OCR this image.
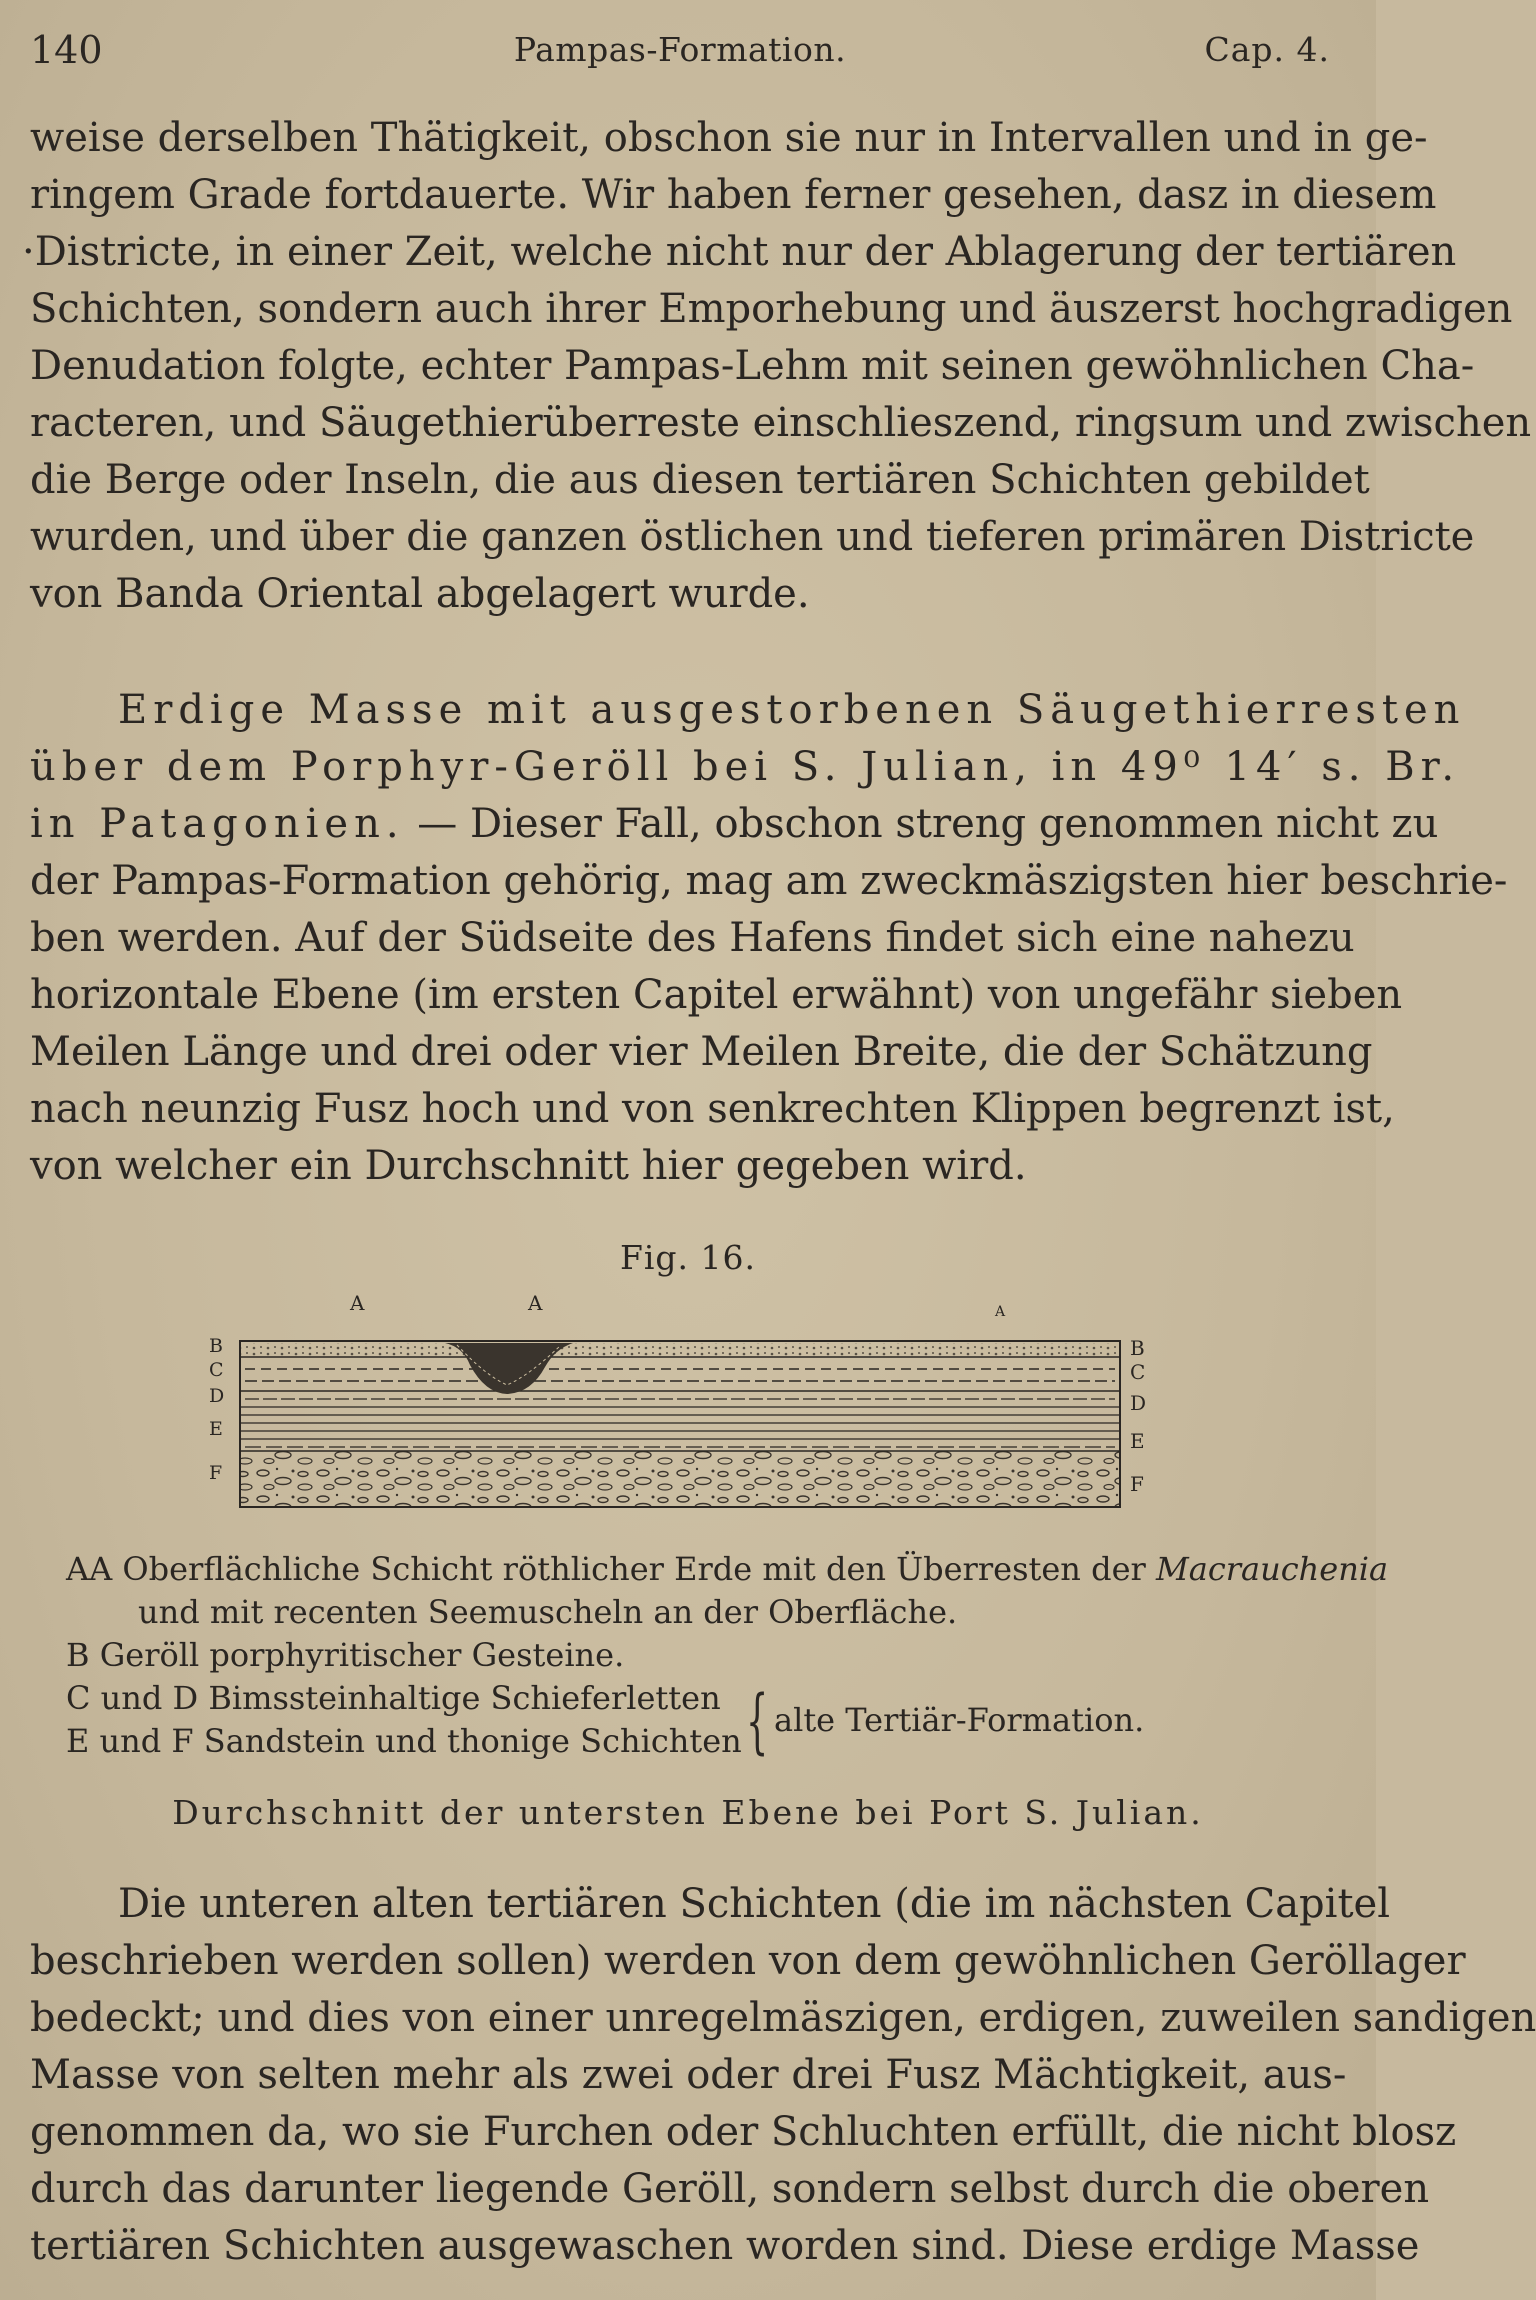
140	Pampas-Formation.	Cap. 4.
weise derselben Thätigkeit, obschon sie nur in Intervallen und in ge-
ringem Grade fortdauerte. Wir haben ferner gesehen, dasz in diesem
·Districte, in einer Zeit, welche nicht nur der Ablagerung der tertiären
Schichten, sondern auch ihrer Emporhebung und äuszerst hochgradigen
Denudation folgte, echter Pampas-Lehm mit seinen gewöhnlichen Cha-
racteren, und Säugethierüberreste einschlieszend, ringsum und zwischen
die Berge oder Inseln, die aus diesen tertiären Schichten gebildet
wurden, und über die ganzen östlichen und tieferen primären Districte
von Banda Oriental abgelagert wurde.
Erdige Masse mit ausgestorbenen Säugethierresten
über dem Porphyr-Geröll bei S. Julian, in 49⁰ 14′ s. Br.
in Patagonien. — Dieser Fall, obschon streng genommen nicht zu
der Pampas-Formation gehörig, mag am zweckmäszigsten hier beschrie-
ben werden. Auf der Südseite des Hafens findet sich eine nahezu
horizontale Ebene (im ersten Capitel erwähnt) von ungefähr sieben
Meilen Länge und drei oder vier Meilen Breite, die der Schätzung
nach neunzig Fusz hoch und von senkrechten Klippen begrenzt ist,
von welcher ein Durchschnitt hier gegeben wird.
Fig. 16.
A	A	A
B
C
D
E
F
B
C
D
E
F
AA Oberflächliche Schicht röthlicher Erde mit den Überresten der Macrauchenia
und mit recenten Seemuscheln an der Oberfläche.
B Geröll porphyritischer Gesteine.
C und D Bimssteinhaltige Schieferletten
E und F Sandstein und thonige Schichten { alte Tertiär-Formation.
Durchschnitt der untersten Ebene bei Port S. Julian.
Die unteren alten tertiären Schichten (die im nächsten Capitel
beschrieben werden sollen) werden von dem gewöhnlichen Geröllager
bedeckt; und dies von einer unregelmäszigen, erdigen, zuweilen sandigen
Masse von selten mehr als zwei oder drei Fusz Mächtigkeit, aus-
genommen da, wo sie Furchen oder Schluchten erfüllt, die nicht blosz
durch das darunter liegende Geröll, sondern selbst durch die oberen
tertiären Schichten ausgewaschen worden sind. Diese erdige Masse
